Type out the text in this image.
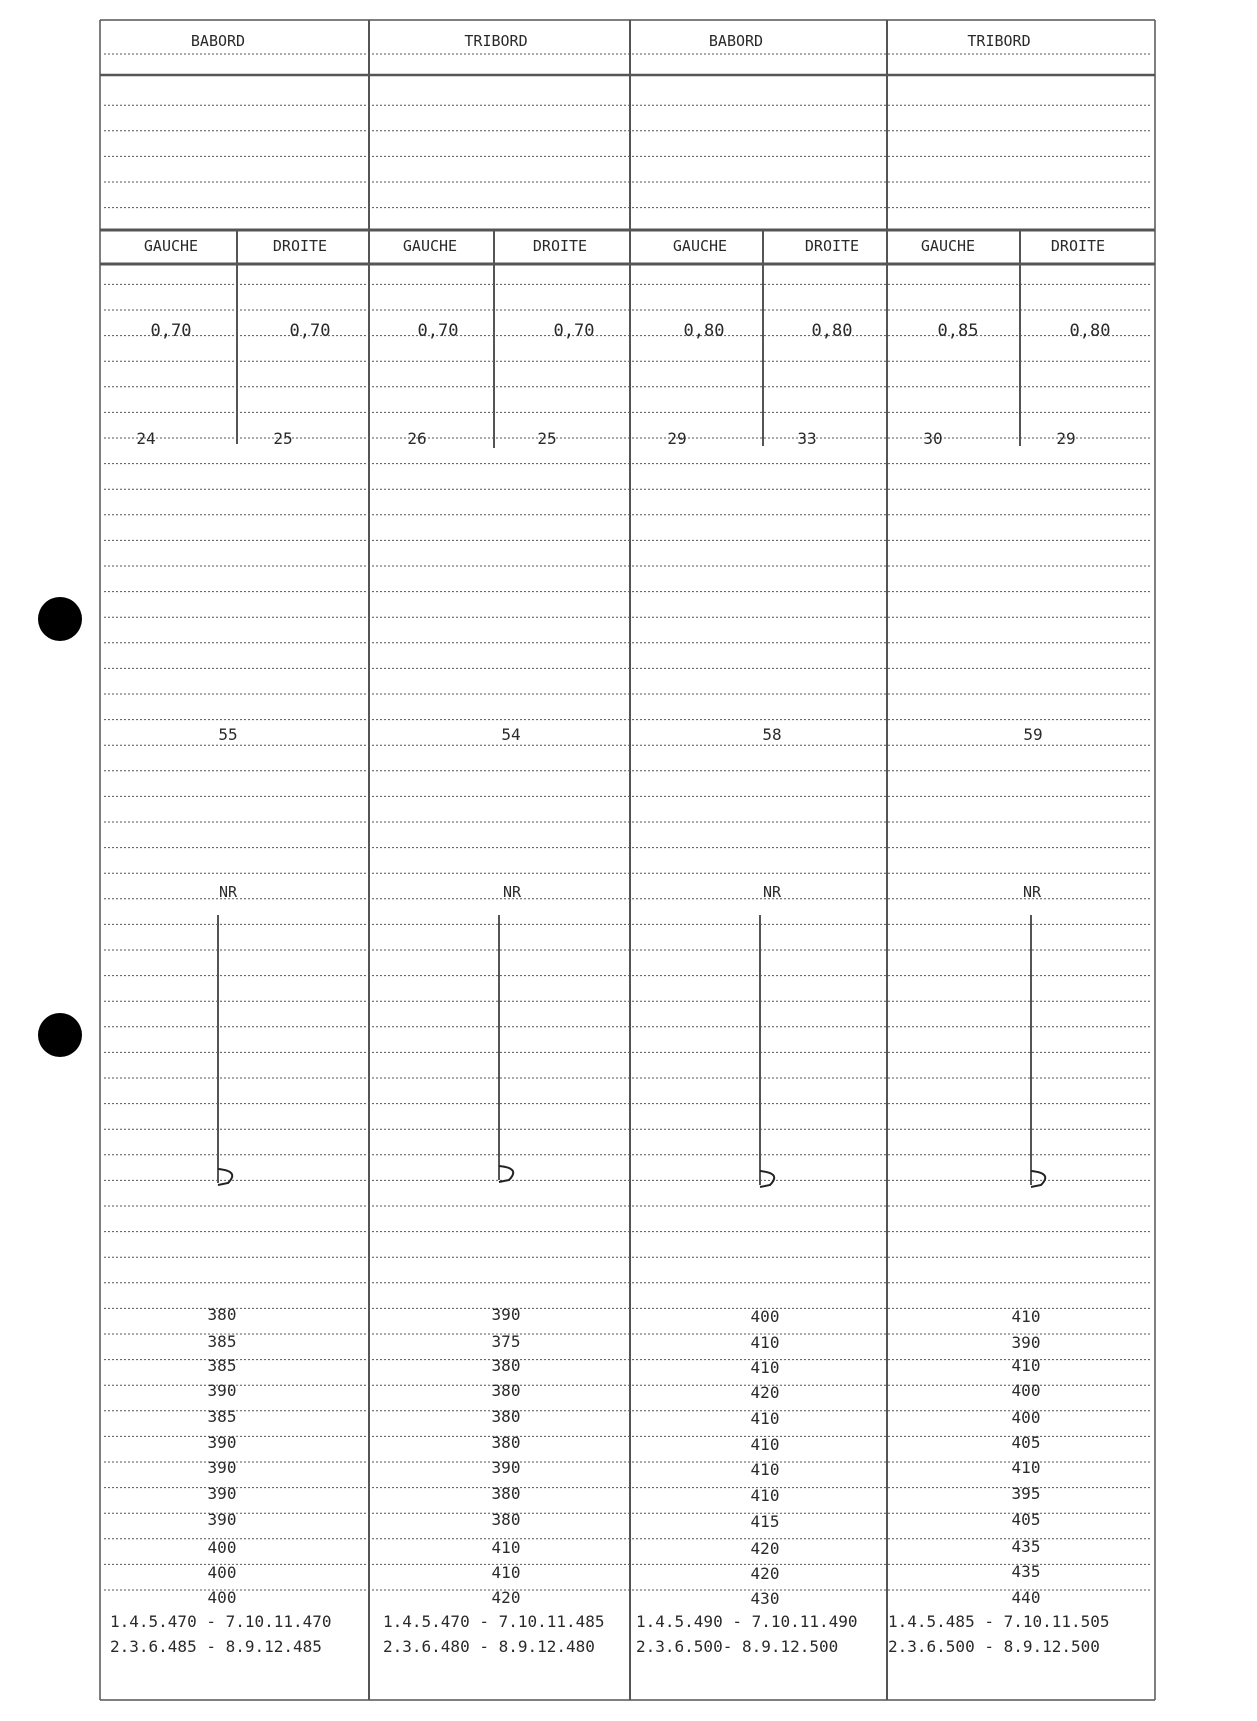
BABORD
GAUCHE	DROITE
0,70	0,70
24	25
55
NR
380
385
385
390
385
390
390
390
390
400
400
400
1.4.5.470 - 7.10.11.470
2.3.6.485 - 8.9.12.485
TRIBORD
GAUCHE	DROITE
0,70	0,70
26	25
54
NR
390
375
380
380
380
380
390
380
380
410
410
420
1.4.5.470 - 7.10.11.485
2.3.6.480 - 8.9.12.480
BABORD
GAUCHE	DROITE
0,80	0,80
29	33
58
NR
400
410
410
420
410
410
410
410
415
420
420
430
1.4.5.490 - 7.10.11.490
2.3.6.500- 8.9.12.500
TRIBORD
GAUCHE	DROITE
0,85	0,80
30	29
59
NR
410
390
410
400
400
405
410
395
405
435
435
440
1.4.5.485 - 7.10.11.505
2.3.6.500 - 8.9.12.500
